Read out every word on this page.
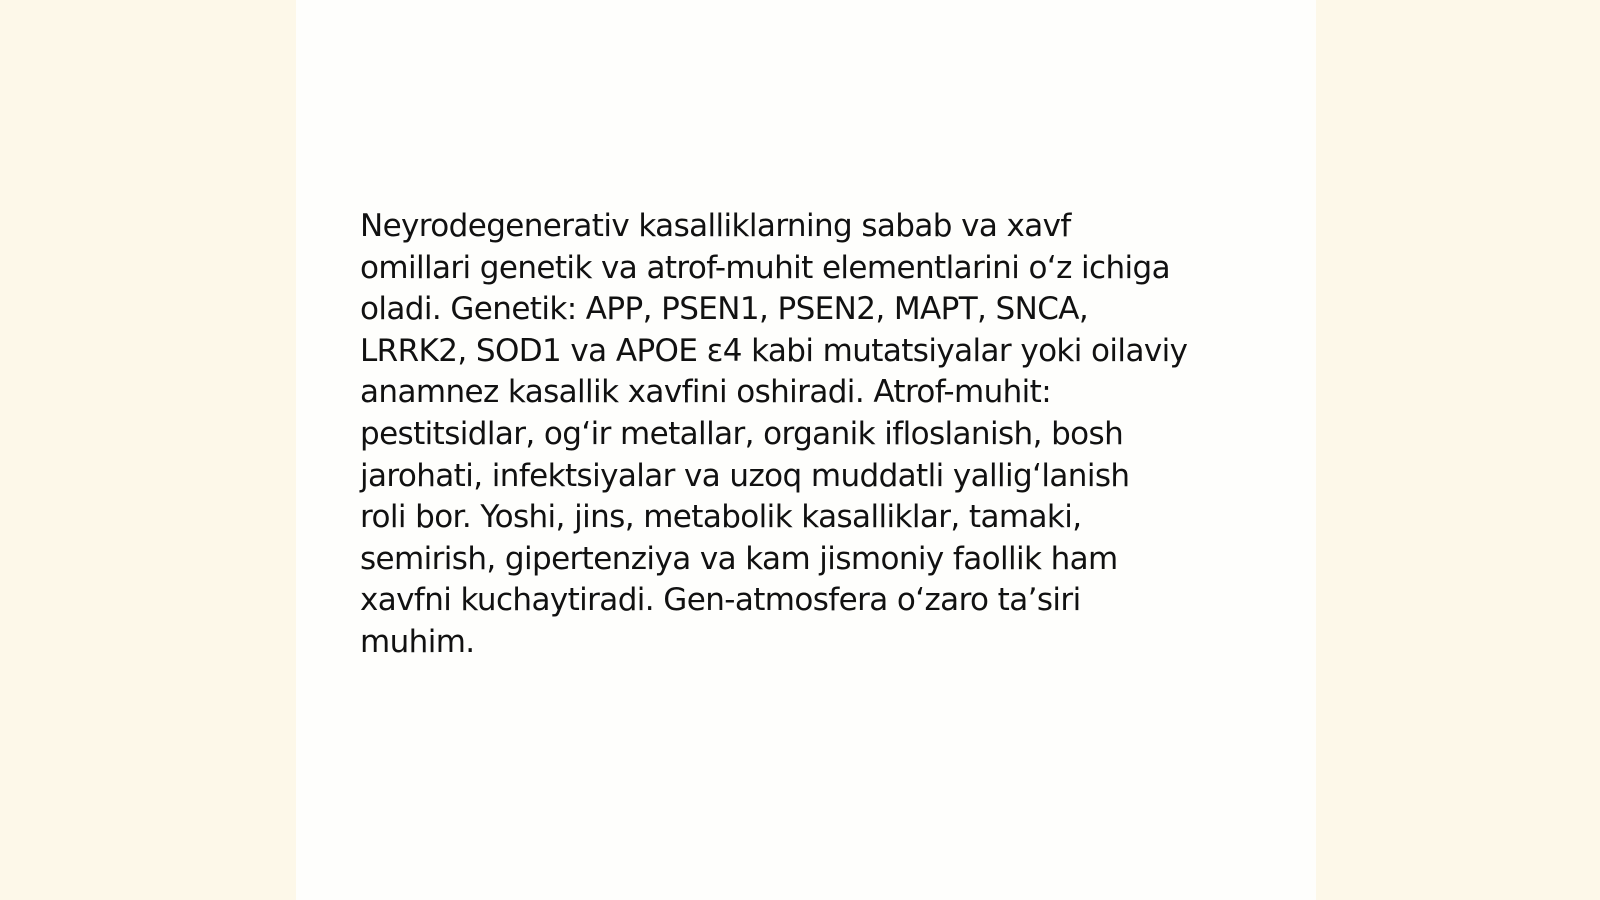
Neyrodegenerativ kasalliklarning sabab va xavf
omillari genetik va atrof-muhit elementlarini o‘z ichiga
oladi. Genetik: APP, PSEN1, PSEN2, MAPT, SNCA,
LRRK2, SOD1 va APOE ε4 kabi mutatsiyalar yoki oilaviy
anamnez kasallik xavfini oshiradi. Atrof-muhit:
pestitsidlar, og‘ir metallar, organik ifloslanish, bosh
jarohati, infektsiyalar va uzoq muddatli yallig‘lanish
roli bor. Yoshi, jins, metabolik kasalliklar, tamaki,
semirish, gipertenziya va kam jismoniy faollik ham
xavfni kuchaytiradi. Gen-atmosfera o‘zaro ta’siri
muhim.
